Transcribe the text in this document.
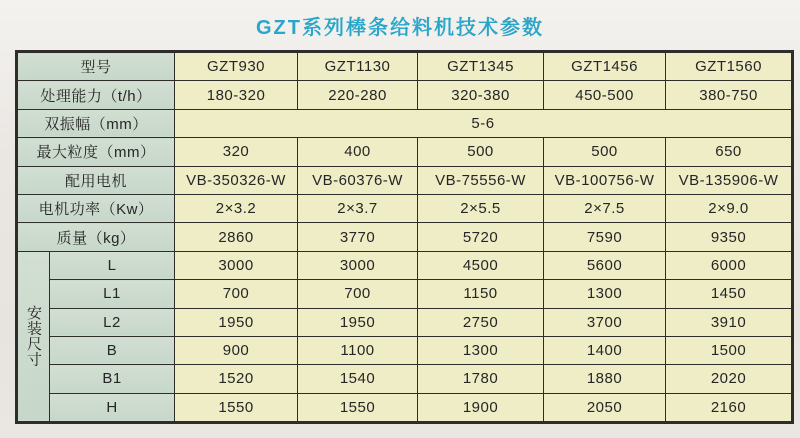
GZT系列棒条给料机技术参数
型号		GZT930	GZT1130	GZT1345	GZT1456	GZT1560
处理能力（t/h）		180-320	220-280	320-380	450-500	380-750
双振幅（mm）		5-6				
最大粒度（mm）		320	400	500	500	650
配用电机		VB-350326-W	VB-60376-W	VB-75556-W	VB-100756-W	VB-135906-W
电机功率（Kw）		2×3.2	2×3.7	2×5.5	2×7.5	2×9.0
质量（kg）		2860	3770	5720	7590	9350
安装尺寸	L	3000	3000	4500	5600	6000
	L1	700	700	1150	1300	1450
	L2	1950	1950	2750	3700	3910
	B	900	1100	1300	1400	1500
	B1	1520	1540	1780	1880	2020
	H	1550	1550	1900	2050	2160
